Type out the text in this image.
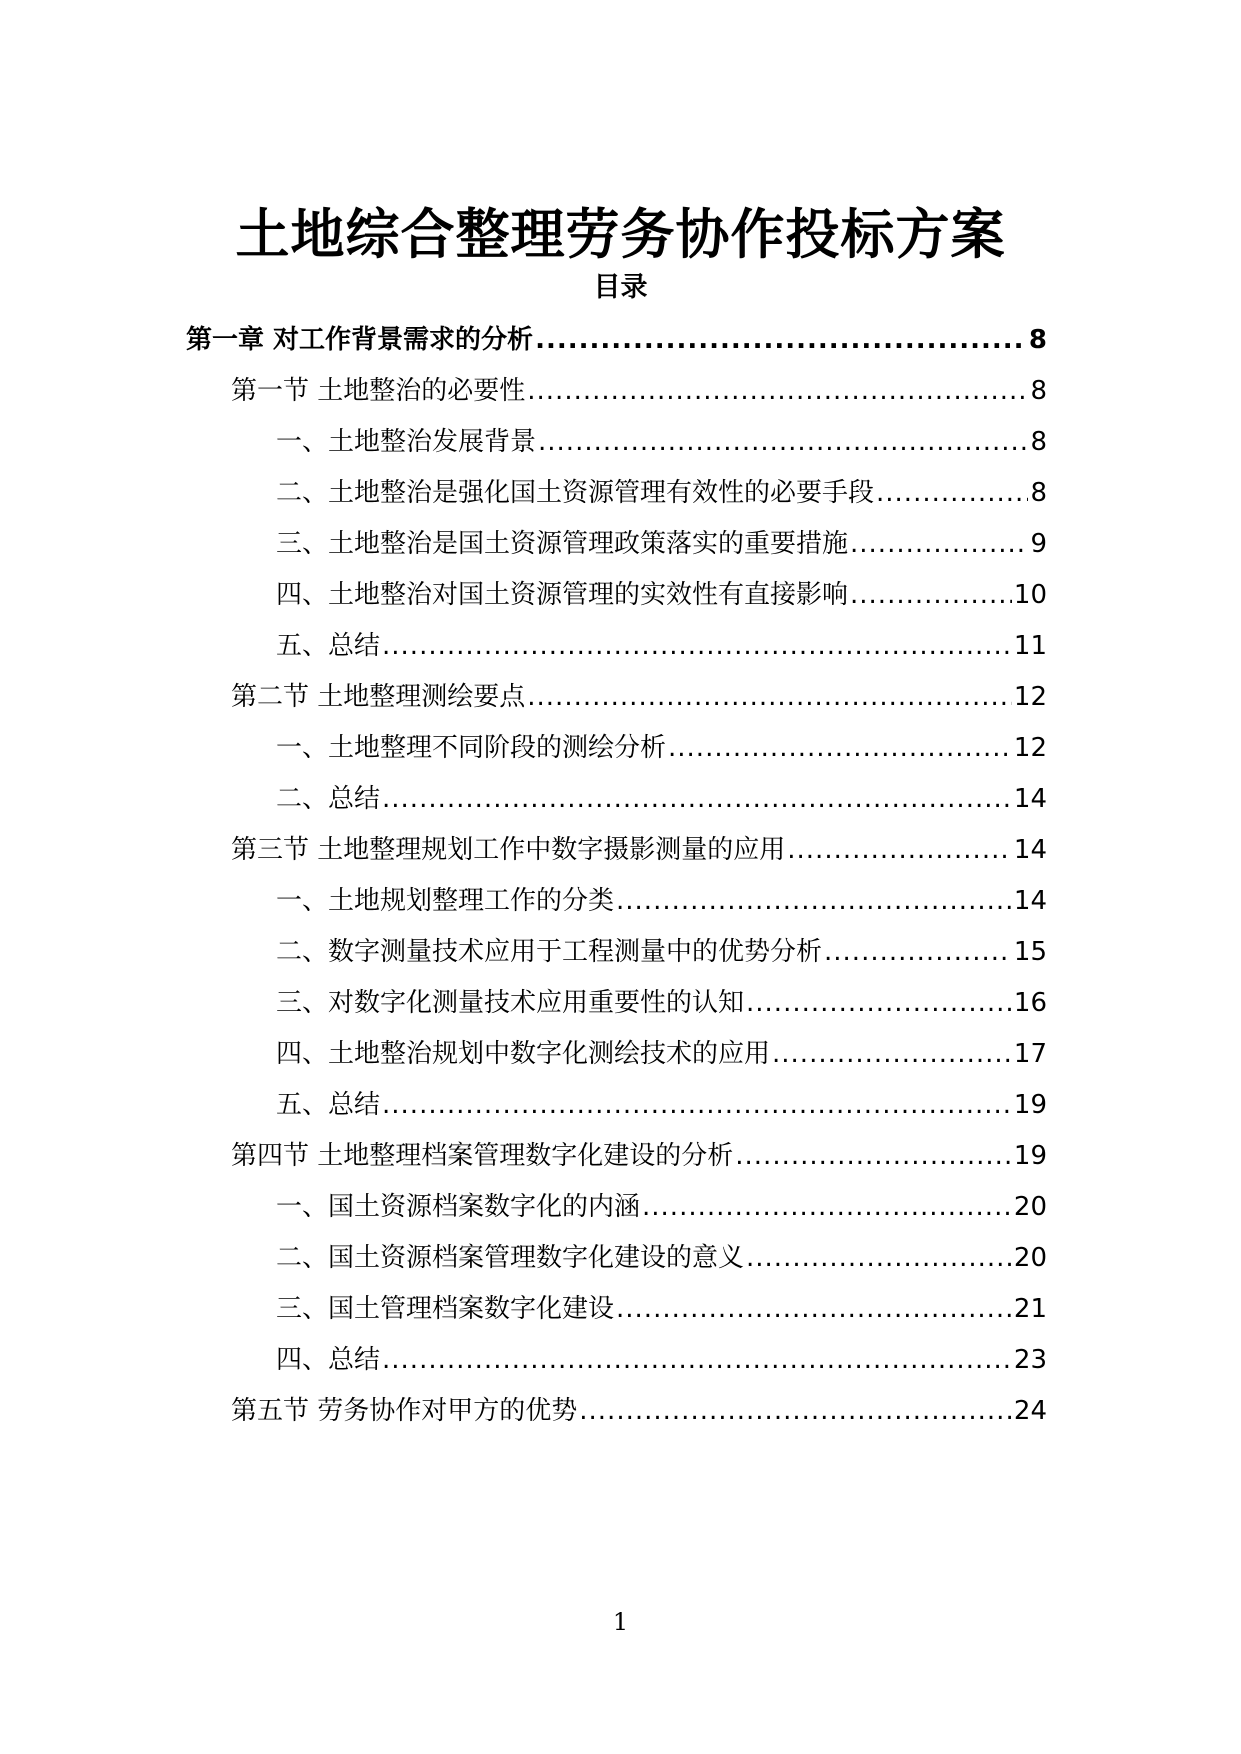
土地综合整理劳务协作投标方案
目录
第一章 对工作背景需求的分析 .....	8
第一节 土地整治的必要性 .....	8
一、土地整治发展背景 .....	8
二、土地整治是强化国土资源管理有效性的必要手段 .....	8
三、土地整治是国土资源管理政策落实的重要措施 .....	9
四、土地整治对国土资源管理的实效性有直接影响 .....	10
五、总结 .....	11
第二节 土地整理测绘要点 .....	12
一、土地整理不同阶段的测绘分析 .....	12
二、总结 .....	14
第三节 土地整理规划工作中数字摄影测量的应用 .....	14
一、土地规划整理工作的分类 .....	14
二、数字测量技术应用于工程测量中的优势分析 .....	15
三、对数字化测量技术应用重要性的认知 .....	16
四、土地整治规划中数字化测绘技术的应用 .....	17
五、总结 .....	19
第四节 土地整理档案管理数字化建设的分析 .....	19
一、国土资源档案数字化的内涵 .....	20
二、国土资源档案管理数字化建设的意义 .....	20
三、国土管理档案数字化建设 .....	21
四、总结 .....	23
第五节 劳务协作对甲方的优势 .....	24
1
